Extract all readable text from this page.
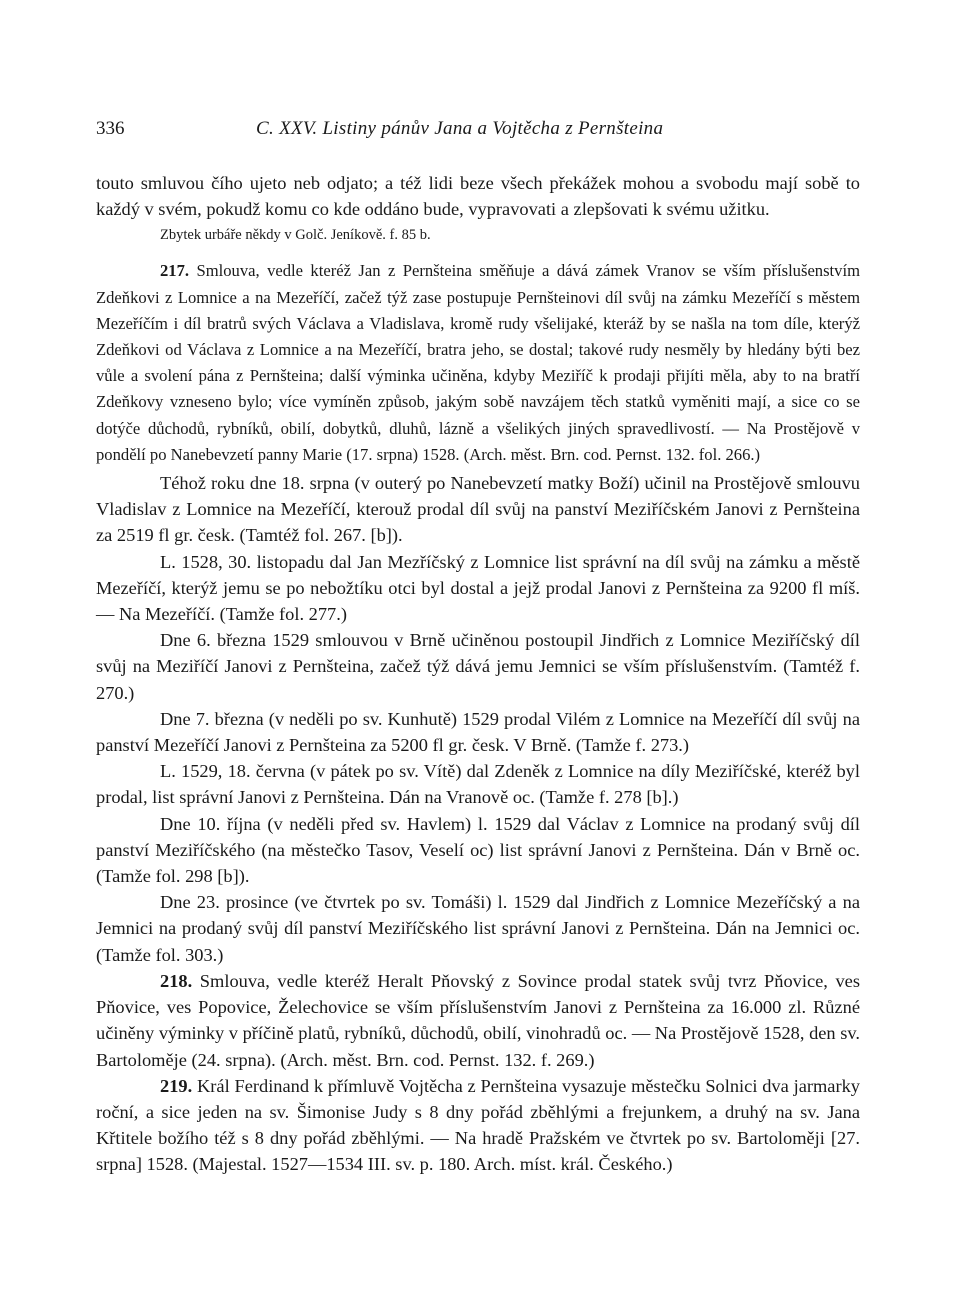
336	C. XXV. Listiny pánův Jana a Vojtěcha z Pernšteina

touto smluvou čího ujeto neb odjato; a též lidi beze všech překážek mohou a svobodu mají sobě to každý v svém, pokudž komu co kde oddáno bude, vypravovati a zlepšovati k svému užitku.

Zbytek urbáře někdy v Golč. Jeníkově. f. 85 b.

217. Smlouva, vedle kteréž Jan z Pernšteina směňuje a dává zámek Vranov se vším příslušenstvím Zdeňkovi z Lomnice a na Mezeříčí, začež týž zase postupuje Pernšteinovi díl svůj na zámku Mezeříčí s městem Mezeříčím i díl bratrů svých Václava a Vladislava, kromě rudy všelijaké, kteráž by se našla na tom díle, kterýž Zdeňkovi od Václava z Lomnice a na Mezeříčí, bratra jeho, se dostal; takové rudy nesměly by hledány býti bez vůle a svolení pána z Pernšteina; další výminka učiněna, kdyby Meziříč k prodaji přijíti měla, aby to na bratří Zdeňkovy vzneseno bylo; více vymíněn způsob, jakým sobě navzájem těch statků vyměniti mají, a sice co se dotýče důchodů, rybníků, obilí, dobytků, dluhů, lázně a všelikých jiných spravedlivostí. — Na Prostějově v pondělí po Nanebevzetí panny Marie (17. srpna) 1528. (Arch. měst. Brn. cod. Pernst. 132. fol. 266.)

Téhož roku dne 18. srpna (v outerý po Nanebevzetí matky Boží) učinil na Prostějově smlouvu Vladislav z Lomnice na Mezeříčí, kterouž prodal díl svůj na panství Meziříčském Janovi z Pernšteina za 2519 fl gr. česk. (Tamtéž fol. 267. [b]).

L. 1528, 30. listopadu dal Jan Mezříčský z Lomnice list správní na díl svůj na zámku a městě Mezeříčí, kterýž jemu se po nebožtíku otci byl dostal a jejž prodal Janovi z Pernšteina za 9200 fl míš. — Na Mezeříčí. (Tamže fol. 277.)

Dne 6. března 1529 smlouvou v Brně učiněnou postoupil Jindřich z Lomnice Meziříčský díl svůj na Meziříčí Janovi z Pernšteina, začež týž dává jemu Jemnici se vším příslušenstvím. (Tamtéž f. 270.)

Dne 7. března (v neděli po sv. Kunhutě) 1529 prodal Vilém z Lomnice na Mezeříčí díl svůj na panství Mezeříčí Janovi z Pernšteina za 5200 fl gr. česk. V Brně. (Tamže f. 273.)

L. 1529, 18. června (v pátek po sv. Vítě) dal Zdeněk z Lomnice na díly Meziříčské, kteréž byl prodal, list správní Janovi z Pernšteina. Dán na Vranově oc. (Tamže f. 278 [b].)

Dne 10. října (v neděli před sv. Havlem) l. 1529 dal Václav z Lomnice na prodaný svůj díl panství Meziříčského (na městečko Tasov, Veselí oc) list správní Janovi z Pernšteina. Dán v Brně oc. (Tamže fol. 298 [b]).

Dne 23. prosince (ve čtvrtek po sv. Tomáši) l. 1529 dal Jindřich z Lomnice Mezeříčský a na Jemnici na prodaný svůj díl panství Meziříčského list správní Janovi z Pernšteina. Dán na Jemnici oc. (Tamže fol. 303.)

218. Smlouva, vedle kteréž Heralt Pňovský z Sovince prodal statek svůj tvrz Pňovice, ves Pňovice, ves Popovice, Želechovice se vším příslušenstvím Janovi z Pernšteina za 16.000 zl. Různé učiněny výminky v příčině platů, rybníků, důchodů, obilí, vinohradů oc. — Na Prostějově 1528, den sv. Bartoloměje (24. srpna). (Arch. měst. Brn. cod. Pernst. 132. f. 269.)

219. Král Ferdinand k přímluvě Vojtěcha z Pernšteina vysazuje městečku Solnici dva jarmarky roční, a sice jeden na sv. Šimonise Judy s 8 dny pořád zběhlými a frejunkem, a druhý na sv. Jana Křtitele božího též s 8 dny pořád zběhlými. — Na hradě Pražském ve čtvrtek po sv. Bartoloměji [27. srpna] 1528. (Majestal. 1527—1534 III. sv. p. 180. Arch. míst. král. Českého.)
